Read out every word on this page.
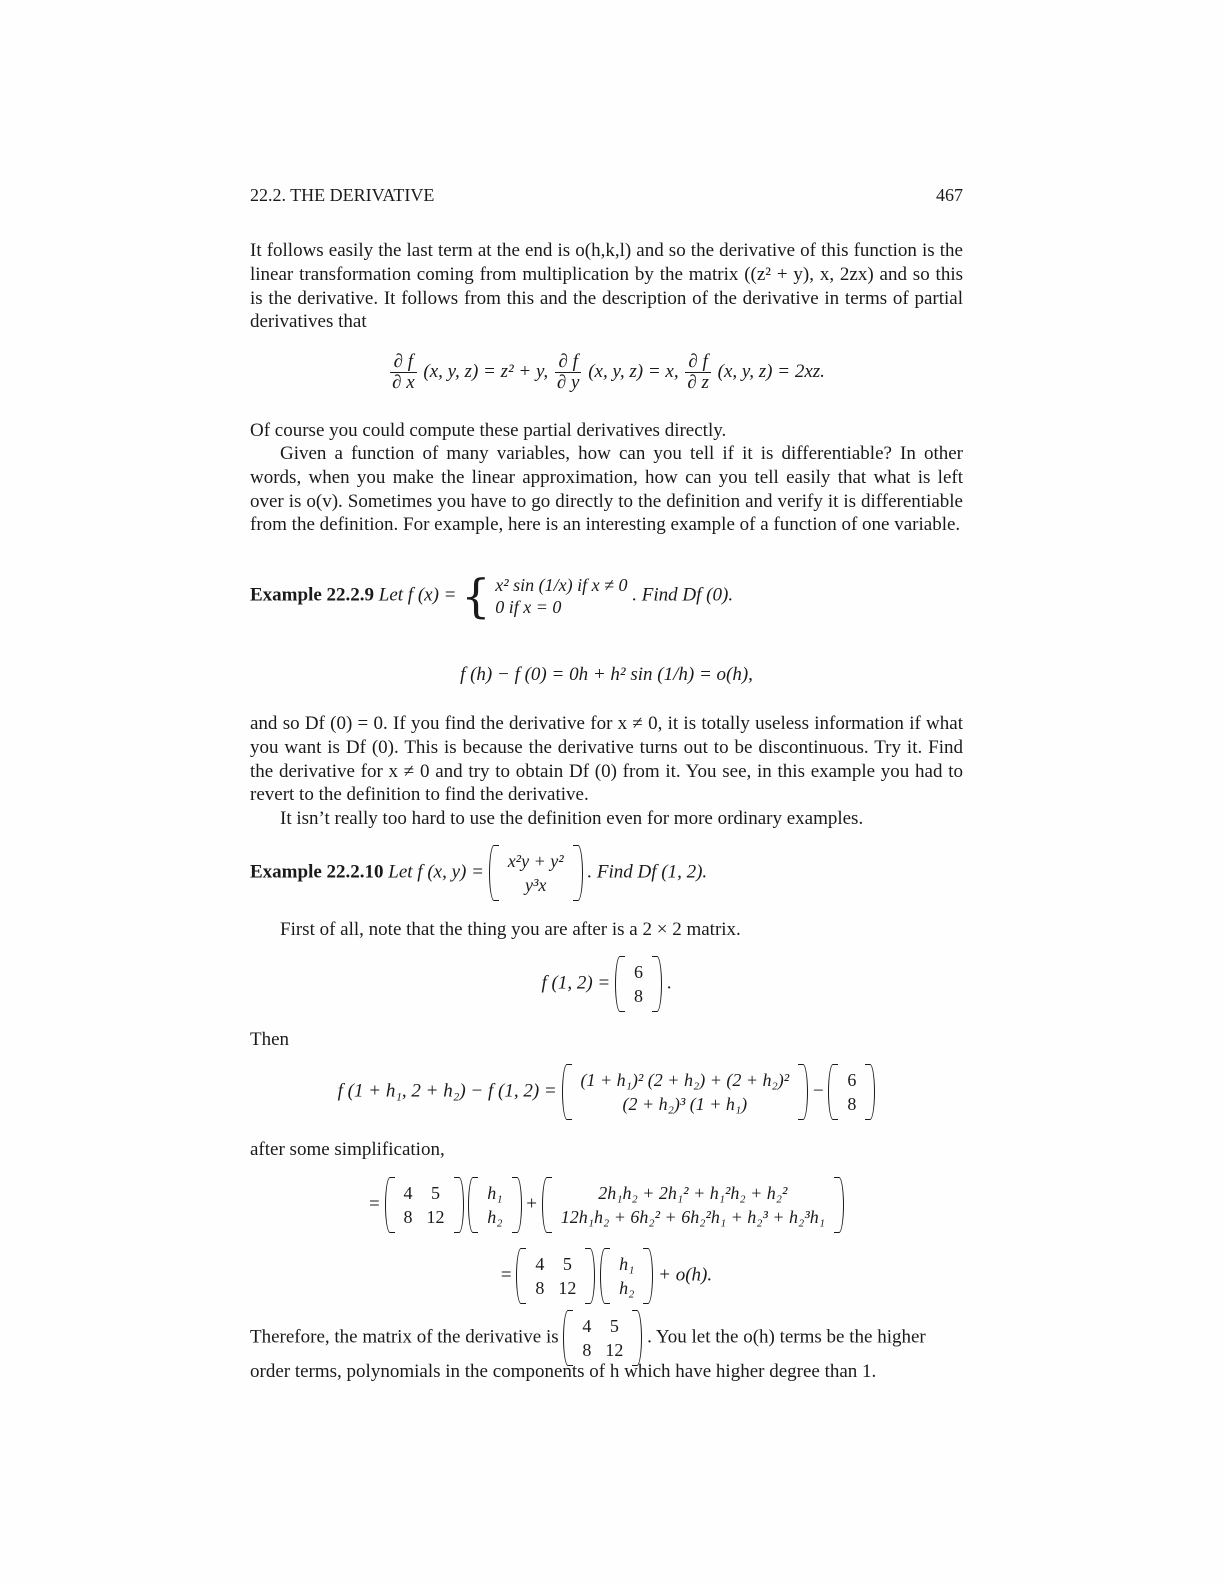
22.2. THE DERIVATIVE	467

It follows easily the last term at the end is o(h,k,l) and so the derivative of this function is the linear transformation coming from multiplication by the matrix ((z² + y), x, 2zx) and so this is the derivative. It follows from this and the description of the derivative in terms of partial derivatives that

$\frac{\partial f}{\partial x} (x$, y, z) = z² + y, $\frac{\partial f}{\partial y} (x$, y, z) = x, $\frac{\partial f}{\partial z} (x$, y, z) = 2xz.

Of course you could compute these partial derivatives directly.

Given a function of many variables, how can you tell if it is differentiable? In other words, when you make the linear approximation, how can you tell easily that what is left over is o(v). Sometimes you have to go directly to the definition and verify it is differentiable from the definition. For example, here is an interesting example of a function of one variable.

Example 22.2.9 Let f (x) = { x² sin (1/x) if x ≠ 0
0 if x = 0
. Find Df (0).
f (h) − f (0) = 0h + h² sin (1/h) = o(h),

and so Df (0) = 0. If you find the derivative for x ≠ 0, it is totally useless information if what you want is Df (0). This is because the derivative turns out to be discontinuous. Try it. Find the derivative for x ≠ 0 and try to obtain Df (0) from it. You see, in this example you had to revert to the definition to find the derivative.

It isn’t really too hard to use the definition even for more ordinary examples.

Example 22.2.10 Let f (x, y) =
x²y + y²
y³x
. Find Df (1, 2).

First of all, note that the thing you are after is a 2 × 2 matrix.

f (1, 2) =
6
8
.

Then

f (1 + h₁, 2 + h₂) − f (1, 2) =
(1 + h₁)² (2 + h₂) + (2 + h₂)²
(2 + h₂)³ (1 + h₁)
−
6
8

after some simplification,

=
4	5
8	12

h₁
h₂
+
2h₁h₂ + 2h₁² + h₁²h₂ + h₂²
12h₁h₂ + 6h₂² + 6h₂²h₁ + h₂³ + h₂³h₁
=
4	5
8	12

h₁
h₂
+ o(h).
Therefore, the matrix of the derivative is
4	5
8	12
. You let the o(h) terms be the higher

order terms, polynomials in the components of h which have higher degree than 1.
